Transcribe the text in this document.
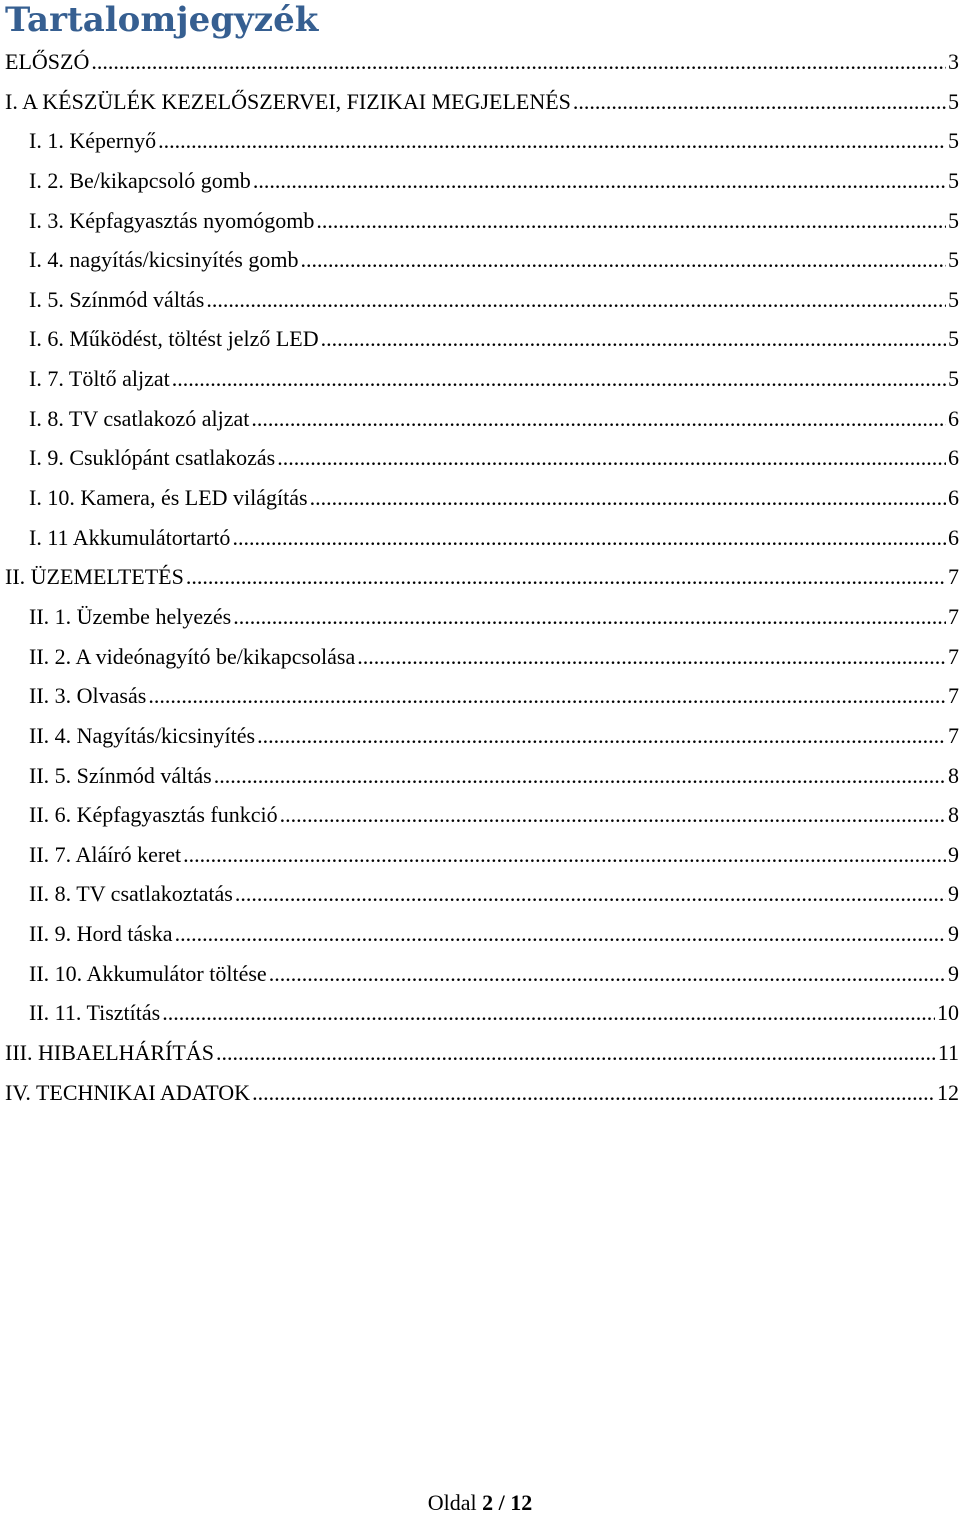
Tartalomjegyzék
ELŐSZÓ .....	3
I. A KÉSZÜLÉK KEZELŐSZERVEI, FIZIKAI MEGJELENÉS .....	5
I. 1. Képernyő .....	5
I. 2. Be/kikapcsoló gomb .....	5
I. 3. Képfagyasztás nyomógomb .....	5
I. 4. nagyítás/kicsinyítés gomb .....	5
I. 5. Színmód váltás .....	5
I. 6. Működést, töltést jelző LED .....	5
I. 7. Töltő aljzat .....	5
I. 8. TV csatlakozó aljzat .....	6
I. 9. Csuklópánt csatlakozás .....	6
I. 10. Kamera, és LED világítás .....	6
I. 11 Akkumulátortartó .....	6
II. ÜZEMELTETÉS .....	7
II. 1. Üzembe helyezés .....	7
II. 2. A videónagyító be/kikapcsolása .....	7
II. 3. Olvasás .....	7
II. 4. Nagyítás/kicsinyítés .....	7
II. 5. Színmód váltás .....	8
II. 6. Képfagyasztás funkció .....	8
II. 7. Aláíró keret .....	9
II. 8. TV csatlakoztatás .....	9
II. 9. Hord táska .....	9
II. 10. Akkumulátor töltése .....	9
II. 11. Tisztítás .....	10
III. HIBAELHÁRÍTÁS .....	11
IV. TECHNIKAI ADATOK .....	12
Oldal 2 / 12
